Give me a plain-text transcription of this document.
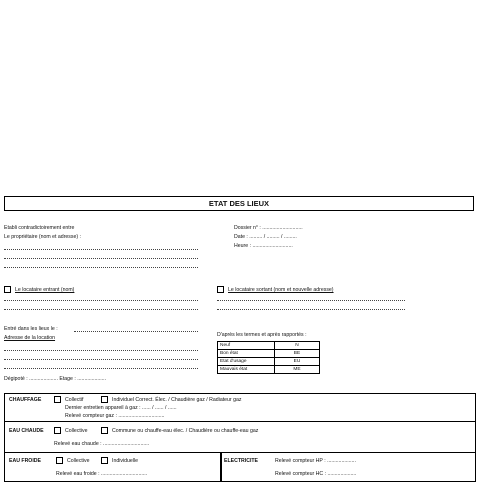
ETAT DES LIEUX
Etabli contradictoirement entre
Le propriétaire (nom et adresse) :
Le locataire entrant (nom)
Entré dans les lieux le :
Adresse de la location
Dégipoté : .................... Etage : ....................
Dossier n° : ............................
Date : ......... / ......... / .........
Heure : ............................
Le locataire sortant (nom et nouvelle adresse)
D'après les termes et après rapportés :
Neuf	N
Bon état	BE
Etat d'usage	EU
Mauvais état	ME
CHAUFFAGE	Collectif	Individuel Correct. Élec. / Chaudière gaz / Radiateur gaz
Dernier entretien appareil à gaz : ...... / ...... / ......
Relevé compteur gaz : ................................
EAU CHAUDE	Collective	Commune ou chauffe-eau élec. / Chaudière ou chauffe-eau gaz
Relevé eau chaude : ................................
EAU FROIDE	Collective	Individuelle
Relevé eau froide : ................................
ELECTRICITE	Relevé compteur HP : ....................
Relevé compteur HC : ....................
